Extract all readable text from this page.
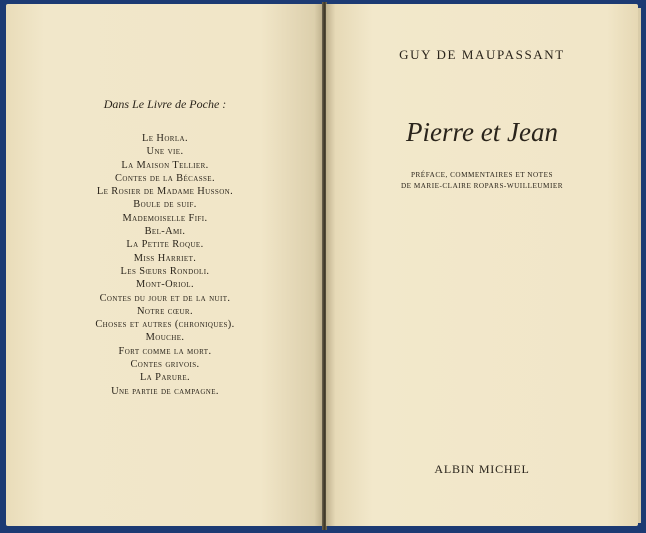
Dans Le Livre de Poche :
Le Horla.
Une vie.
La Maison Tellier.
Contes de la Bécasse.
Le Rosier de Madame Husson.
Boule de suif.
Mademoiselle Fifi.
Bel-Ami.
La Petite Roque.
Miss Harriet.
Les Sœurs Rondoli.
Mont-Oriol.
Contes du jour et de la nuit.
Notre cœur.
Choses et autres (chroniques).
Mouche.
Fort comme la mort.
Contes grivois.
La Parure.
Une partie de campagne.
GUY DE MAUPASSANT
Pierre et Jean
PRÉFACE, COMMENTAIRES ET NOTES
DE MARIE-CLAIRE ROPARS-WUILLEUMIER
ALBIN MICHEL
